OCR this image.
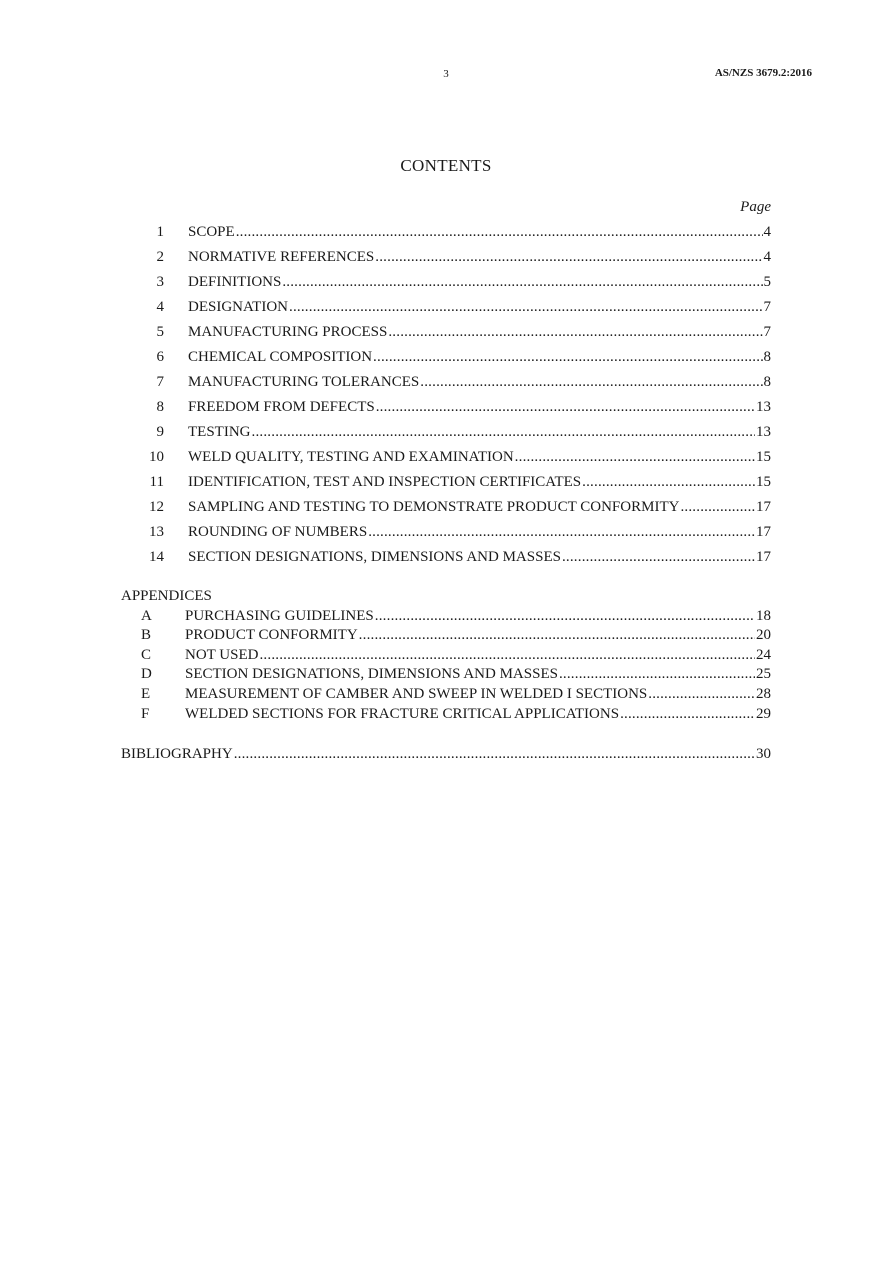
3	AS/NZS 3679.2:2016
CONTENTS
Page
1 SCOPE .....	4
2 NORMATIVE REFERENCES .....	4
3 DEFINITIONS .....	5
4 DESIGNATION .....	7
5 MANUFACTURING PROCESS .....	7
6 CHEMICAL COMPOSITION .....	8
7 MANUFACTURING TOLERANCES .....	8
8 FREEDOM FROM DEFECTS .....	13
9 TESTING .....	13
10 WELD QUALITY, TESTING AND EXAMINATION .....	15
11 IDENTIFICATION, TEST AND INSPECTION CERTIFICATES .....	15
12 SAMPLING AND TESTING TO DEMONSTRATE PRODUCT CONFORMITY .....	17
13 ROUNDING OF NUMBERS .....	17
14 SECTION DESIGNATIONS, DIMENSIONS AND MASSES .....	17
APPENDICES
A	PURCHASING GUIDELINES .....	18
B	PRODUCT CONFORMITY .....	20
C	NOT USED .....	24
D	SECTION DESIGNATIONS, DIMENSIONS AND MASSES .....	25
E	MEASUREMENT OF CAMBER AND SWEEP IN WELDED I SECTIONS .....	28
F	WELDED SECTIONS FOR FRACTURE CRITICAL APPLICATIONS .....	29
BIBLIOGRAPHY .....	30
